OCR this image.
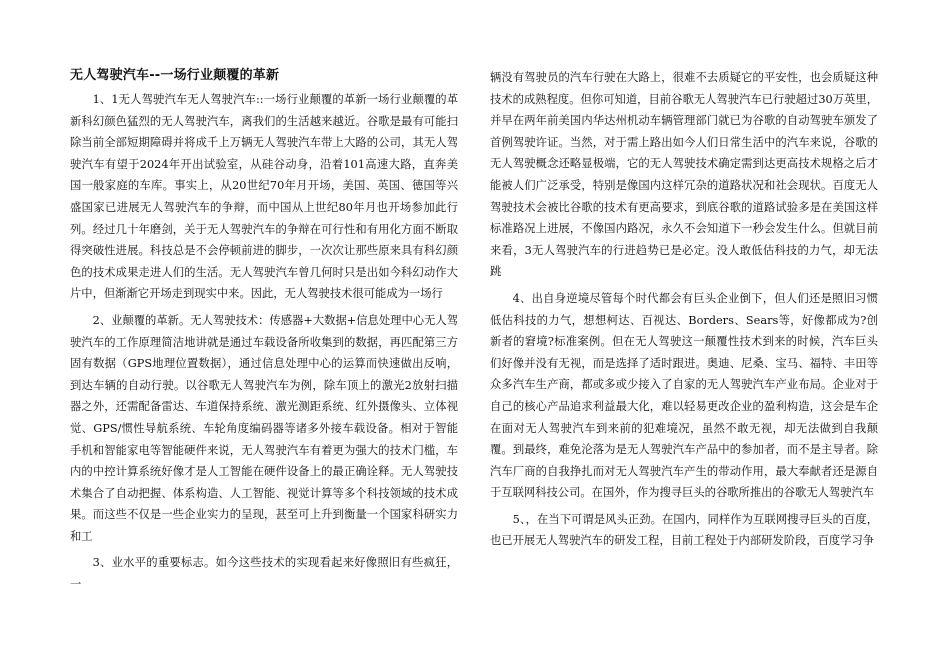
无人驾驶汽车--一场行业颠覆的革新

1、1无人驾驶汽车无人驾驶汽车::一场行业颠覆的革新一场行业颠覆的革新科幻颜色猛烈的无人驾驶汽车，离我们的生活越来越近。谷歌是最有可能扫除当前全部短期障碍并将成千上万辆无人驾驶汽车带上大路的公司，其无人驾驶汽车有望于2024年开出试验室，从硅谷动身，沿着101高速大路，直奔美国一般家庭的车库。事实上，从20世纪70年月开场，美国、英国、德国等兴盛国家已进展无人驾驶汽车的争辩，而中国从上世纪80年月也开场参加此行列。经过几十年磨剑，关于无人驾驶汽车的争辩在可行性和有用化方面不断取得突破性进展。科技总是不会停顿前进的脚步，一次次让那些原来具有科幻颜色的技术成果走进人们的生活。无人驾驶汽车曾几何时只是出如今科幻动作大片中，但渐渐它开场走到现实中来。因此，无人驾驶技术很可能成为一场行

2、业颠覆的革新。无人驾驶技术：传感器+大数据+信息处理中心无人驾驶汽车的工作原理简洁地讲就是通过车载设备所收集到的数据，再匹配第三方固有数据（GPS地理位置数据），通过信息处理中心的运算而快速做出反响，到达车辆的自动行驶。以谷歌无人驾驶汽车为例，除车顶上的激光2放射扫描器之外，还需配备雷达、车道保持系统、激光测距系统、红外摄像头、立体视觉、GPS/惯性导航系统、车轮角度编码器等诸多外接车载设备。相对于智能手机和智能家电等智能硬件来说，无人驾驶汽车有着更为强大的技术门槛，车内的中控计算系统好像才是人工智能在硬件设备上的最正确诠释。无人驾驶技术集合了自动把握、体系构造、人工智能、视觉计算等多个科技领域的技术成果。而这些不仅是一些企业实力的呈现，甚至可上升到衡量一个国家科研实力和工

3、业水平的重要标志。如今这些技术的实现看起来好像照旧有些疯狂，一

辆没有驾驶员的汽车行驶在大路上，很难不去质疑它的平安性，也会质疑这种技术的成熟程度。但你可知道，目前谷歌无人驾驶汽车已行驶超过30万英里，并早在两年前美国内华达州机动车辆管理部门就已为谷歌的自动驾驶车颁发了首例驾驶许证。当然，对于需上路出如今人们日常生活中的汽车来说，谷歌的无人驾驶概念还略显极端，它的无人驾驶技术确定需到达更高技术规格之后才能被人们广泛承受，特别是像国内这样冗杂的道路状况和社会现状。百度无人驾驶技术会被比谷歌的技术有更高要求，到底谷歌的道路试验多是在美国这样标准路况上进展，不像国内路况，永久不会知道下一秒会发生什么。但就目前来看，3无人驾驶汽车的行进趋势已是必定。没人敢低估科技的力气，却无法跳

4、出自身逆境尽管每个时代都会有巨头企业倒下，但人们还是照旧习惯低估科技的力气，想想柯达、百视达、Borders、Sears等，好像都成为?创新者的窘境?标准案例。但在无人驾驶这一颠覆性技术到来的时候，汽车巨头们好像并没有无视，而是选择了适时跟进。奥迪、尼桑、宝马、福特、丰田等众多汽车生产商，都或多或少接入了自家的无人驾驶汽车产业布局。企业对于自己的核心产品追求利益最大化，难以轻易更改企业的盈利构造，这会是车企在面对无人驾驶汽车到来前的犯难境况，虽然不敢无视，却无法做到自我颠覆。到最终，难免沦落为是无人驾驶汽车产品中的参加者，而不是主导者。除汽车厂商的自我挣扎而对无人驾驶汽车产生的带动作用，最大奉献者还是源自于互联网科技公司。在国外，作为搜寻巨头的谷歌所推出的谷歌无人驾驶汽车

5、，在当下可谓是风头正劲。在国内，同样作为互联网搜寻巨头的百度，也已开展无人驾驶汽车的研发工程，目前工程处于内部研发阶段，百度学习争
